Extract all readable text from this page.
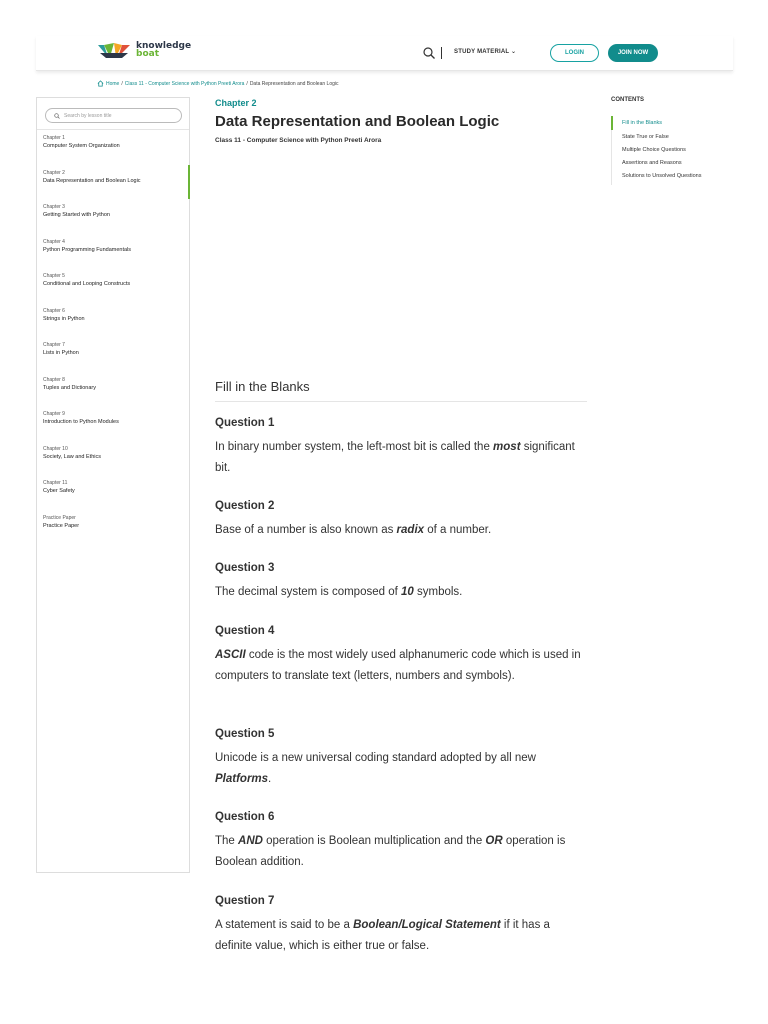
knowledge
boat	STUDY MATERIAL ⌄	LOGIN	JOIN NOW
Home / Class 11 - Computer Science with Python Preeti Arora / Data Representation and Boolean Logic
Search by lesson title
Chapter 1
Computer System Organization
Chapter 2
Data Representation and Boolean Logic
Chapter 3
Getting Started with Python
Chapter 4
Python Programming Fundamentals
Chapter 5
Conditional and Looping Constructs
Chapter 6
Strings in Python
Chapter 7
Lists in Python
Chapter 8
Tuples and Dictionary
Chapter 9
Introduction to Python Modules
Chapter 10
Society, Law and Ethics
Chapter 11
Cyber Safety
Practice Paper
Practice Paper
Chapter 2
Data Representation and Boolean Logic
Class 11 - Computer Science with Python Preeti Arora
Fill in the Blanks
Question 1
In binary number system, the left-most bit is called the most significant bit.
Question 2
Base of a number is also known as radix of a number.
Question 3
The decimal system is composed of 10 symbols.
Question 4
ASCII code is the most widely used alphanumeric code which is used in computers to translate text (letters, numbers and symbols).
Question 5
Unicode is a new universal coding standard adopted by all new Platforms.
Question 6
The AND operation is Boolean multiplication and the OR operation is Boolean addition.
Question 7
A statement is said to be a Boolean/Logical Statement if it has a definite value, which is either true or false.
CONTENTS
Fill in the Blanks
State True or False
Multiple Choice Questions
Assertions and Reasons
Solutions to Unsolved Questions
